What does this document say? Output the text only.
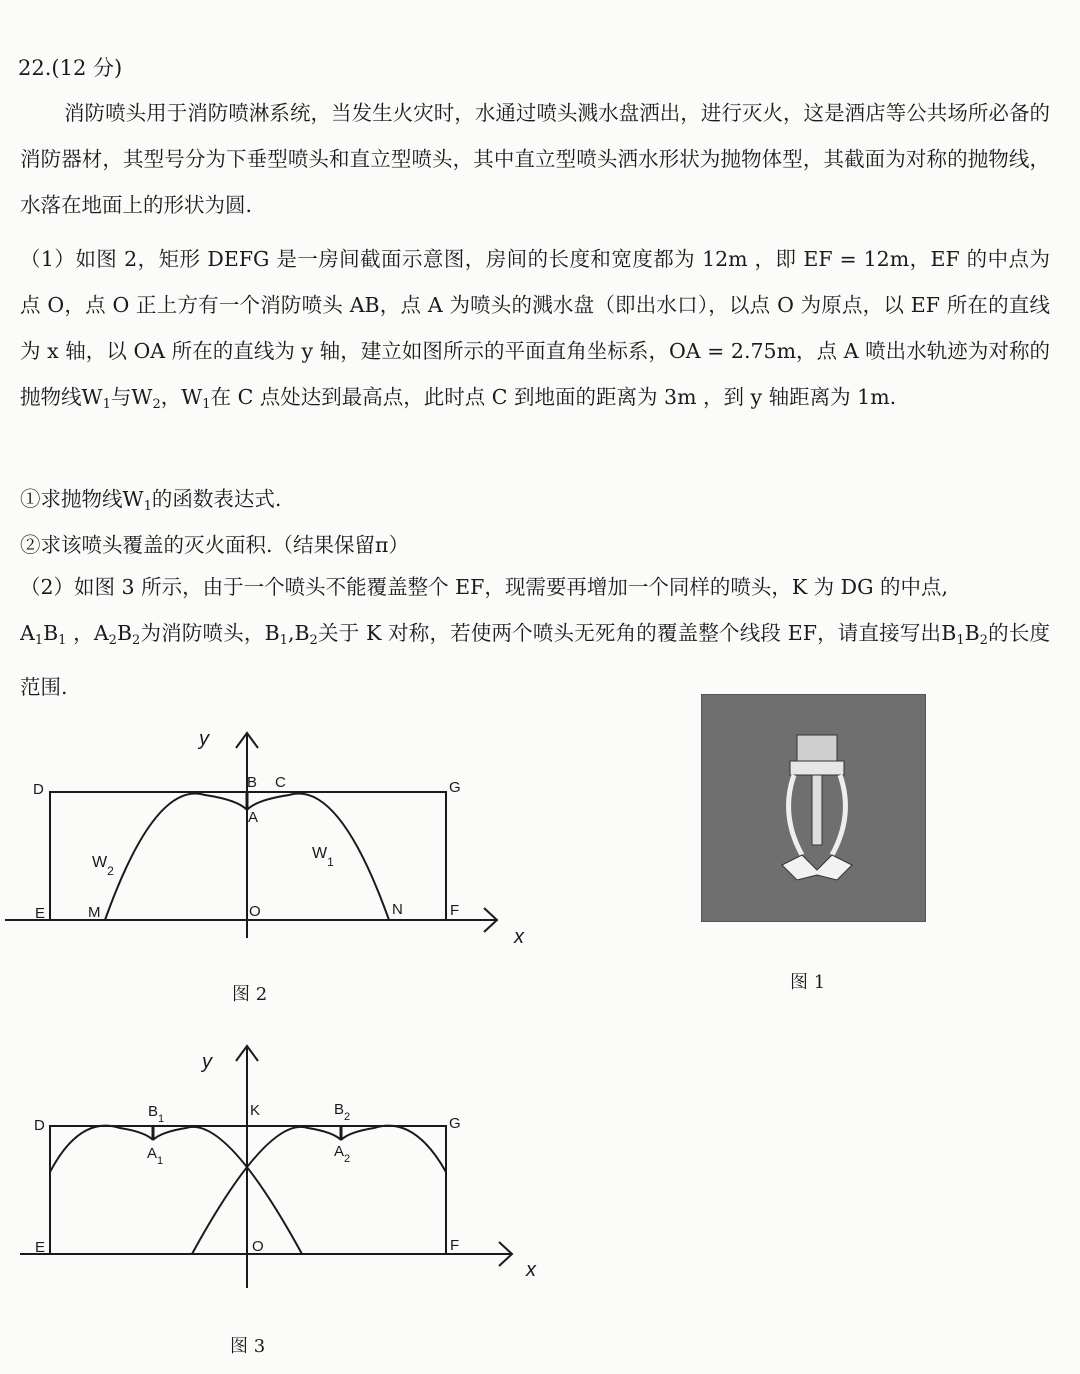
22.(12 分)

消防喷头用于消防喷淋系统，当发生火灾时，水通过喷头溅水盘洒出，进行灭火，这是酒店等公共场所必备的消防器材，其型号分为下垂型喷头和直立型喷头，其中直立型喷头洒水形状为抛物体型，其截面为对称的抛物线，水落在地面上的形状为圆.

（1）如图 2，矩形 DEFG 是一房间截面示意图，房间的长度和宽度都为 12m ，即 EF = 12m，EF 的中点为点 O，点 O 正上方有一个消防喷头 AB，点 A 为喷头的溅水盘（即出水口），以点 O 为原点，以 EF 所在的直线为 x 轴，以 OA 所在的直线为 y 轴，建立如图所示的平面直角坐标系，OA = 2.75m，点 A 喷出水轨迹为对称的抛物线$W_1$与$W_2$，$W_1$在 C 点处达到最高点，此时点 C 到地面的距离为 3m ，到 y 轴距离为 1m.

①求抛物线$W_1$的函数表达式.
②求该喷头覆盖的灭火面积.（结果保留π）

（2）如图 3 所示，由于一个喷头不能覆盖整个 EF，现需要再增加一个同样的喷头，K 为 DG 的中点,
$A_1B_1$ ，$A_2B_2$为消防喷头，$B_1,B_2$关于 K 对称，若使两个喷头无死角的覆盖整个线段 EF，请直接写出$B_1B_2$的长度范围.

y
x
D	G
E	F
B C
A
O
M	N
$W_2$
$W_1$
图 2
图 1
y
x
D	G
E	F
K
O
$B_1$
$A_1$
$B_2$
$A_2$
图 3
